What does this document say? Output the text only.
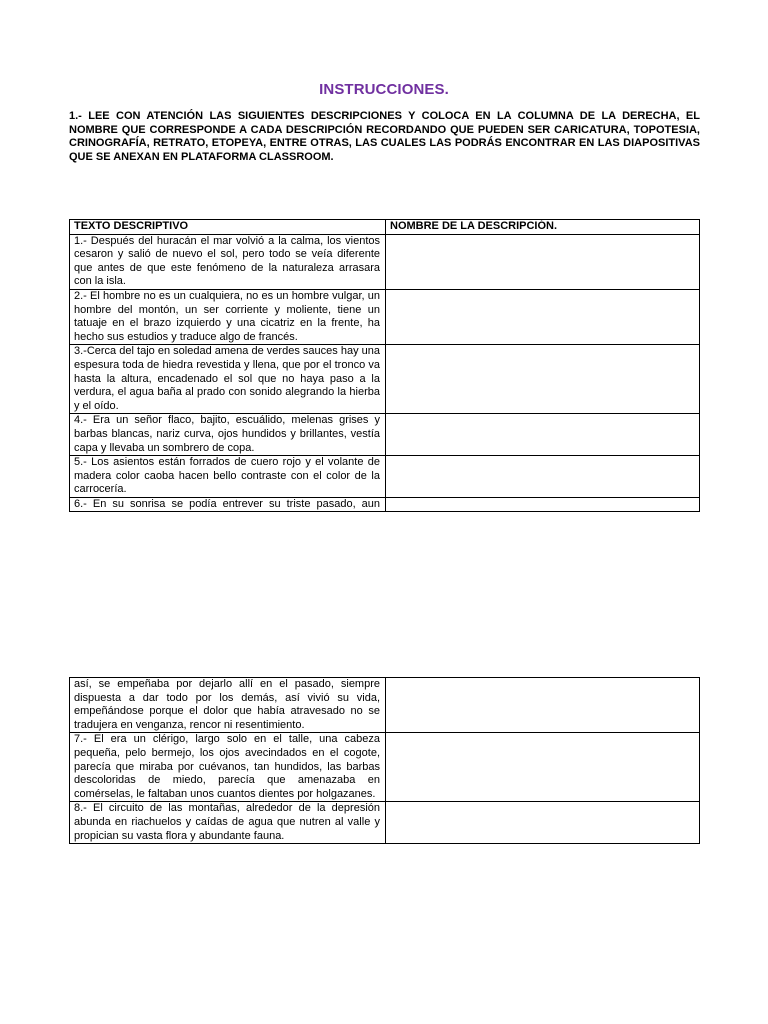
INSTRUCCIONES.
1.- LEE CON ATENCIÓN LAS SIGUIENTES DESCRIPCIONES Y COLOCA EN LA COLUMNA DE LA DERECHA, EL NOMBRE QUE CORRESPONDE A CADA DESCRIPCIÓN RECORDANDO QUE PUEDEN SER CARICATURA, TOPOTESIA, CRINOGRAFÍA, RETRATO, ETOPEYA, ENTRE OTRAS, LAS CUALES LAS PODRÁS ENCONTRAR EN LAS DIAPOSITIVAS QUE SE ANEXAN EN PLATAFORMA CLASSROOM.
TEXTO DESCRIPTIVO	NOMBRE DE LA DESCRIPCIÓN.
1.- Después del huracán el mar volvió a la calma, los vientos cesaron y salió de nuevo el sol, pero todo se veía diferente que antes de que este fenómeno de la naturaleza arrasara con la isla.	
2.- El hombre no es un cualquiera, no es un hombre vulgar, un hombre del montón, un ser corriente y moliente, tiene un tatuaje en el brazo izquierdo y una cicatriz en la frente, ha hecho sus estudios y traduce algo de francés.	
3.-Cerca del tajo en soledad amena de verdes sauces hay una espesura toda de hiedra revestida y llena, que por el tronco va hasta la altura, encadenado el sol que no haya paso a la verdura, el agua baña al prado con sonido alegrando la hierba y el oído.	
4.- Era un señor flaco, bajito, escuálido, melenas grises y barbas blancas, nariz curva, ojos hundidos y brillantes, vestía capa y llevaba un sombrero de copa.	
5.- Los asientos están forrados de cuero rojo y el volante de madera color caoba hacen bello contraste con el color de la carrocería.	
6.- En su sonrisa se podía entrever su triste pasado, aun	
así, se empeñaba por dejarlo allí en el pasado, siempre dispuesta a dar todo por los demás, así vivió su vida, empeñándose porque el dolor que había atravesado no se tradujera en venganza, rencor ni resentimiento.	
7.- El era un clérigo, largo solo en el talle, una cabeza pequeña, pelo bermejo, los ojos avecindados en el cogote, parecía que miraba por cuévanos, tan hundidos, las barbas descoloridas de miedo, parecía que amenazaba en comérselas, le faltaban unos cuantos dientes por holgazanes.	
8.- El circuito de las montañas, alrededor de la depresión abunda en riachuelos y caídas de agua que nutren al valle y propician su vasta flora y abundante fauna.	
